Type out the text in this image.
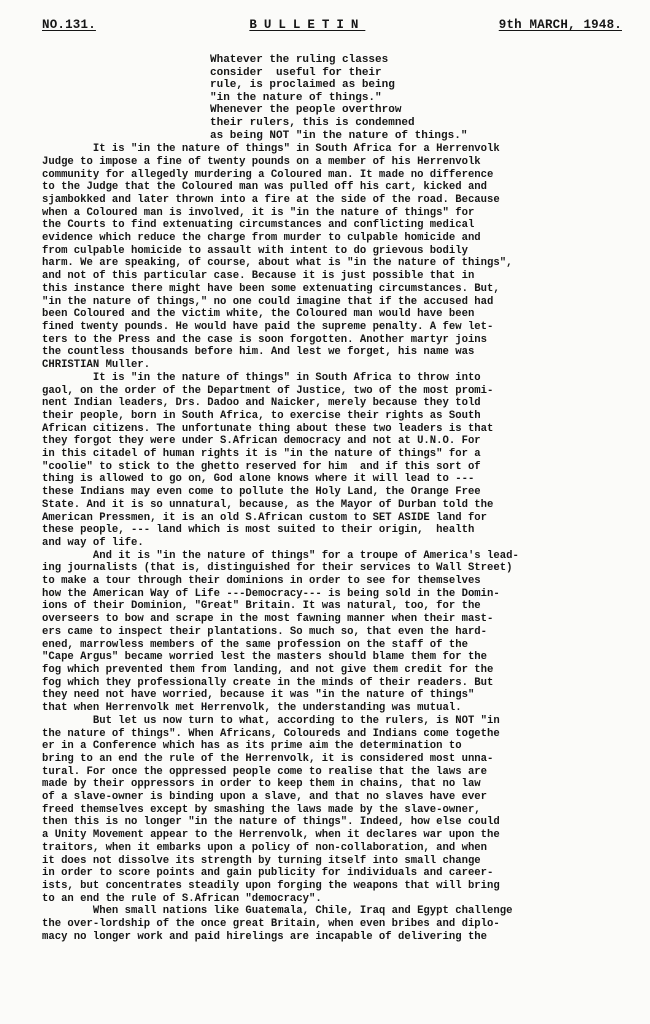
NO.131.	BULLETIN	9th MARCH, 1948.
Whatever the ruling classes
consider  useful for their
rule, is proclaimed as being
"in the nature of things."
Whenever the people overthrow
their rulers, this is condemned
as being NOT "in the nature of things."

It is "in the nature of things" in South Africa for a Herrenvolk
Judge to impose a fine of twenty pounds on a member of his Herrenvolk
community for allegedly murdering a Coloured man. It made no difference
to the Judge that the Coloured man was pulled off his cart, kicked and
sjambokked and later thrown into a fire at the side of the road. Because
when a Coloured man is involved, it is "in the nature of things" for
the Courts to find extenuating circumstances and conflicting medical
evidence which reduce the charge from murder to culpable homicide and
from culpable homicide to assault with intent to do grievous bodily
harm. We are speaking, of course, about what is "in the nature of things",
and not of this particular case. Because it is just possible that in
this instance there might have been some extenuating circumstances. But,
"in the nature of things," no one could imagine that if the accused had
been Coloured and the victim white, the Coloured man would have been
fined twenty pounds. He would have paid the supreme penalty. A few let-
ters to the Press and the case is soon forgotten. Another martyr joins
the countless thousands before him. And lest we forget, his name was
CHRISTIAN Muller.

It is "in the nature of things" in South Africa to throw into
gaol, on the order of the Department of Justice, two of the most promi-
nent Indian leaders, Drs. Dadoo and Naicker, merely because they told
their people, born in South Africa, to exercise their rights as South
African citizens. The unfortunate thing about these two leaders is that
they forgot they were under S.African democracy and not at U.N.O. For
in this citadel of human rights it is "in the nature of things" for a
"coolie" to stick to the ghetto reserved for him  and if this sort of
thing is allowed to go on, God alone knows where it will lead to ---
these Indians may even come to pollute the Holy Land, the Orange Free
State. And it is so unnatural, because, as the Mayor of Durban told the
American Pressmen, it is an old S.African custom to SET ASIDE land for
these people, --- land which is most suited to their origin,  health
and way of life.

And it is "in the nature of things" for a troupe of America's lead-
ing journalists (that is, distinguished for their services to Wall Street)
to make a tour through their dominions in order to see for themselves
how the American Way of Life ---Democracy--- is being sold in the Domin-
ions of their Dominion, "Great" Britain. It was natural, too, for the
overseers to bow and scrape in the most fawning manner when their mast-
ers came to inspect their plantations. So much so, that even the hard-
ened, marrowless members of the same profession on the staff of the
"Cape Argus" became worried lest the masters should blame them for the
fog which prevented them from landing, and not give them credit for the
fog which they professionally create in the minds of their readers. But
they need not have worried, because it was "in the nature of things"
that when Herrenvolk met Herrenvolk, the understanding was mutual.

But let us now turn to what, according to the rulers, is NOT "in
the nature of things". When Africans, Coloureds and Indians come togethe
er in a Conference which has as its prime aim the determination to
bring to an end the rule of the Herrenvolk, it is considered most unna-
tural. For once the oppressed people come to realise that the laws are
made by their oppressors in order to keep them in chains, that no law
of a slave-owner is binding upon a slave, and that no slaves have ever
freed themselves except by smashing the laws made by the slave-owner,
then this is no longer "in the nature of things". Indeed, how else could
a Unity Movement appear to the Herrenvolk, when it declares war upon the
traitors, when it embarks upon a policy of non-collaboration, and when
it does not dissolve its strength by turning itself into small change
in order to score points and gain publicity for individuals and career-
ists, but concentrates steadily upon forging the weapons that will bring
to an end the rule of S.African "democracy".

When small nations like Guatemala, Chile, Iraq and Egypt challenge
the over-lordship of the once great Britain, when even bribes and diplo-
macy no longer work and paid hirelings are incapable of delivering the
